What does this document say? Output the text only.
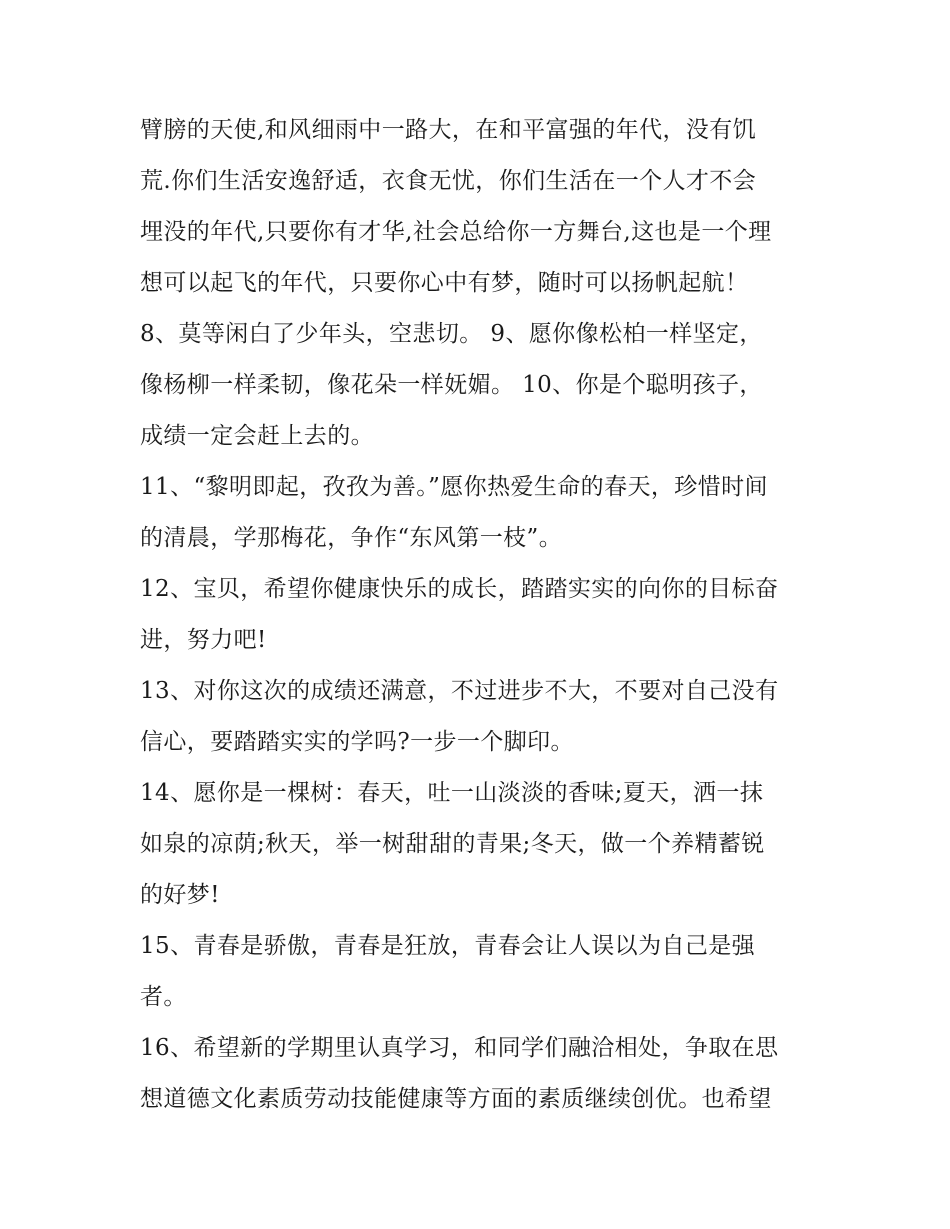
臂膀的天使,和风细雨中一路大，在和平富强的年代，没有饥
荒.你们生活安逸舒适，衣食无忧，你们生活在一个人才不会
埋没的年代,只要你有才华,社会总给你一方舞台,这也是一个理
想可以起飞的年代，只要你心中有梦，随时可以扬帆起航！
8、莫等闲白了少年头，空悲切。 9、愿你像松柏一样坚定，
像杨柳一样柔韧，像花朵一样妩媚。 10、你是个聪明孩子，
成绩一定会赶上去的。
11、“黎明即起，孜孜为善。”愿你热爱生命的春天，珍惜时间
的清晨，学那梅花，争作“东风第一枝”。
12、宝贝，希望你健康快乐的成长，踏踏实实的向你的目标奋
进，努力吧!
13、对你这次的成绩还满意，不过进步不大，不要对自己没有
信心，要踏踏实实的学吗?一步一个脚印。
14、愿你是一棵树：春天，吐一山淡淡的香味;夏天，洒一抹
如泉的凉荫;秋天，举一树甜甜的青果;冬天，做一个养精蓄锐
的好梦!
15、青春是骄傲，青春是狂放，青春会让人误以为自己是强
者。
16、希望新的学期里认真学习，和同学们融洽相处，争取在思
想道德文化素质劳动技能健康等方面的素质继续创优。也希望
